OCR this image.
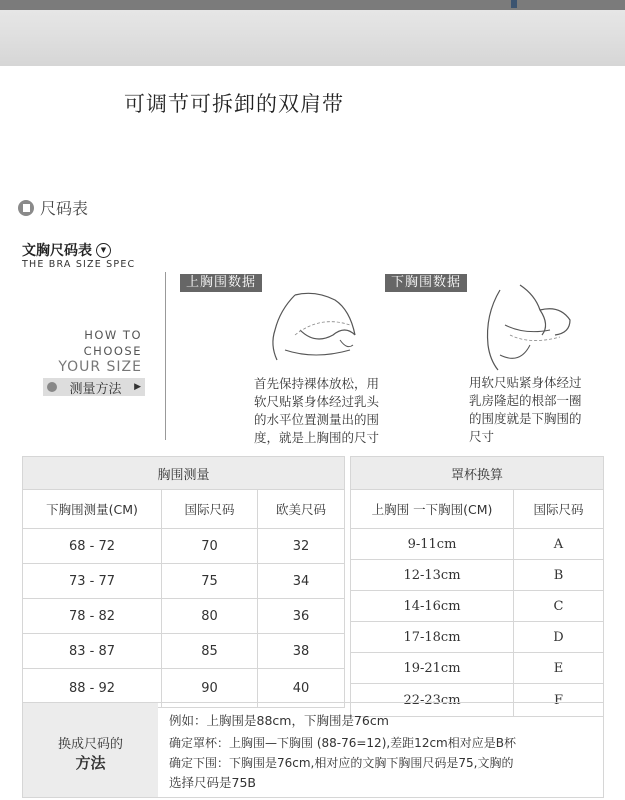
可调节可拆卸的双肩带
尺码表
文胸尺码表	▼
THE BRA SIZE SPEC
HOW TO
CHOOSE
YOUR SIZE
测量方法 ▶
上胸围数据	下胸围数据
首先保持裸体放松，用
软尺贴紧身体经过乳头
的水平位置测量出的围
度，就是上胸围的尺寸
用软尺贴紧身体经过
乳房隆起的根部一圈
的围度就是下胸围的
尺寸
胸围测量		
下胸围测量(CM)	国际尺码	欧美尺码
68 - 72	70	32
73 - 77	75	34
78 - 82	80	36
83 - 87	85	38
88 - 92	90	40
罩杯换算	
上胸围 一下胸围(CM)	国际尺码
9-11cm	A
12-13cm	B
14-16cm	C
17-18cm	D
19-21cm	E
22-23cm	F
换成尺码的
方法
例如：上胸围是88cm，下胸围是76cm
确定罩杯：上胸围—下胸围 (88-76=12),差距12cm相对应是B杯
确定下围：下胸围是76cm,相对应的文胸下胸围尺码是75,文胸的
选择尺码是75B
